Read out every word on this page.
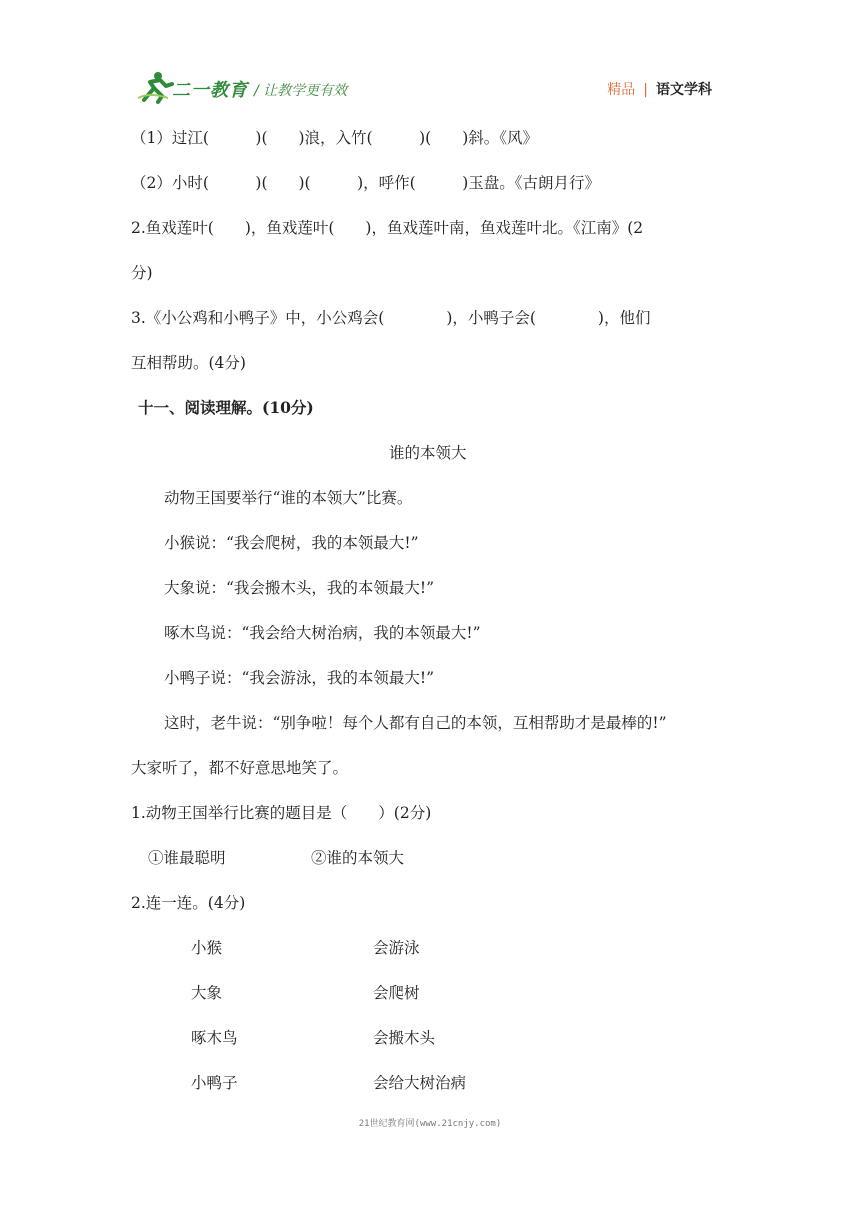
二一教育 / 让教学更有效	精品 | 语文学科
（1）过江(　　　)(　　)浪，入竹(　　　)(　　)斜。《风》
（2）小时(　　　)(　　)(　　　)，呼作(　　　)玉盘。《古朗月行》
2.鱼戏莲叶(　　)，鱼戏莲叶(　　)，鱼戏莲叶南，鱼戏莲叶北。《江南》(2
分)
3.《小公鸡和小鸭子》中，小公鸡会(　　　　)，小鸭子会(　　　　)，他们
互相帮助。(4分)
十一、阅读理解。(10分)
谁的本领大
动物王国要举行“谁的本领大”比赛。
小猴说：“我会爬树，我的本领最大!”
大象说：“我会搬木头，我的本领最大!”
啄木鸟说：“我会给大树治病，我的本领最大!”
小鸭子说：“我会游泳，我的本领最大!”
这时，老牛说：“别争啦！每个人都有自己的本领，互相帮助才是最棒的!”
大家听了，都不好意思地笑了。
1.动物王国举行比赛的题目是（　　）(2分)
①谁最聪明	②谁的本领大
2.连一连。(4分)
小猴
大象
啄木鸟
小鸭子
会游泳
会爬树
会搬木头
会给大树治病
21世纪教育网(www.21cnjy.com)
